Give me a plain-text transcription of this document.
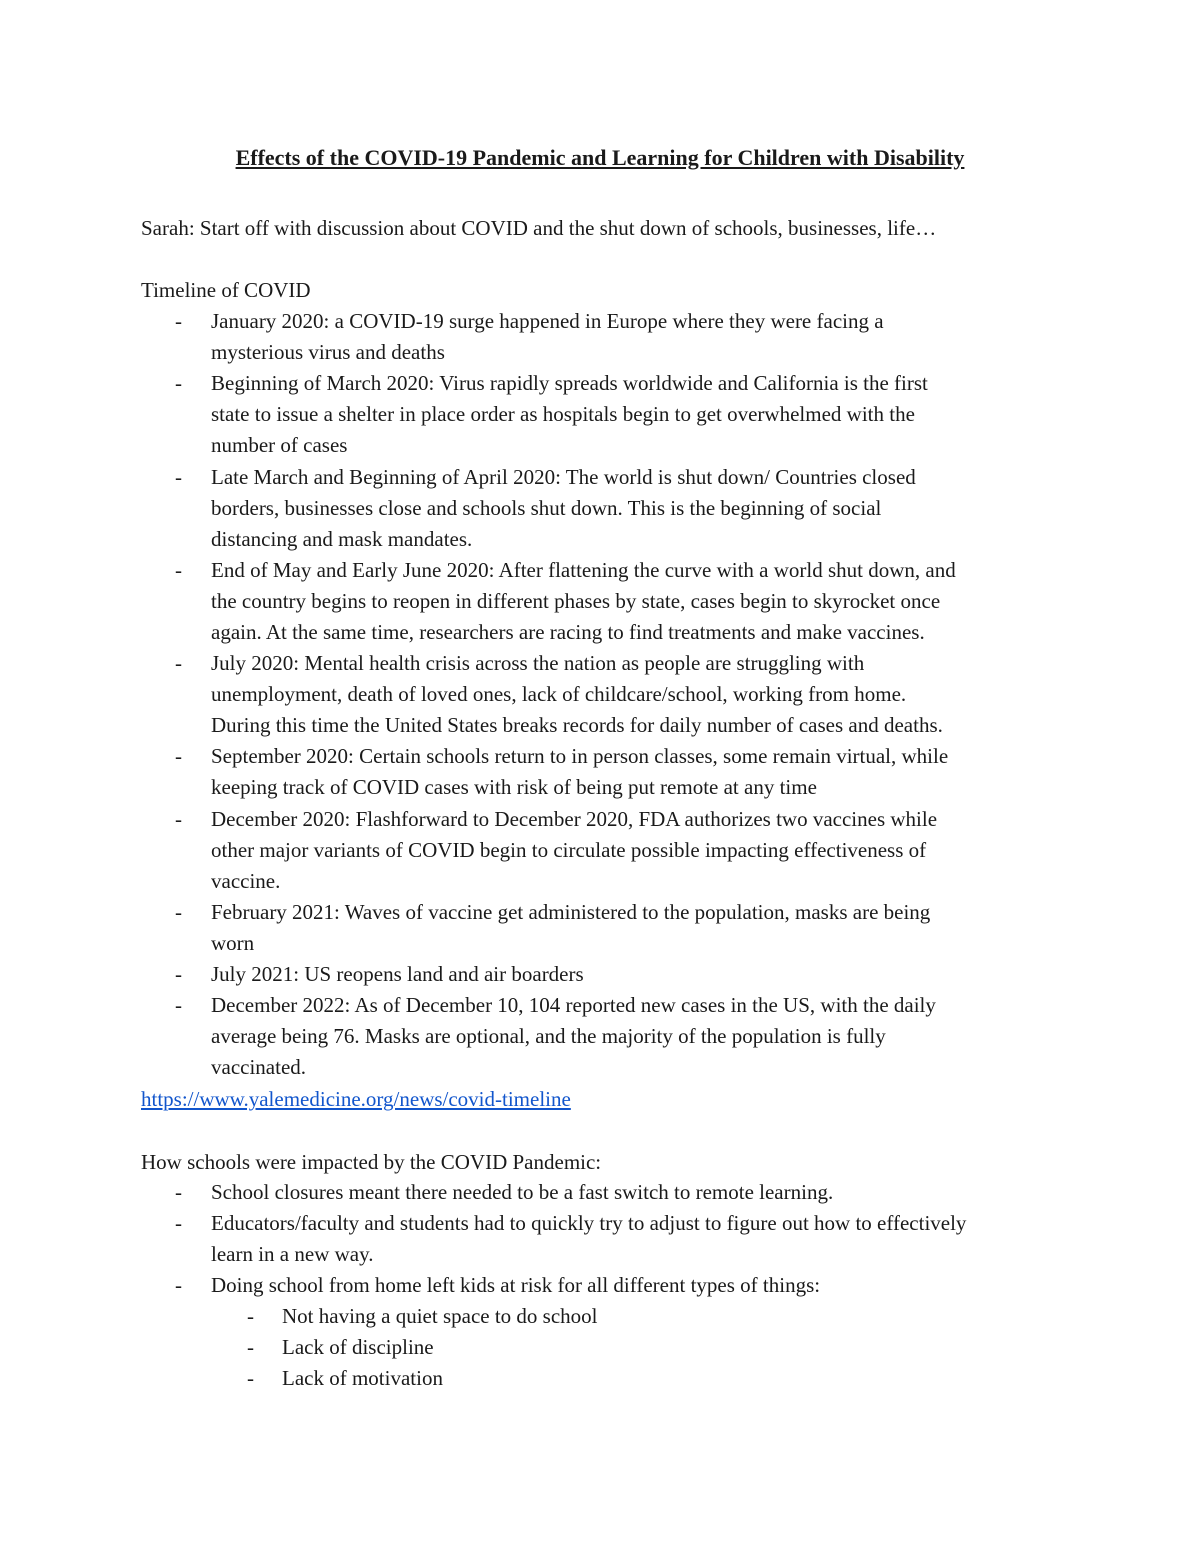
Effects of the COVID-19 Pandemic and Learning for Children with Disability

Sarah: Start off with discussion about COVID and the shut down of schools, businesses, life…

Timeline of COVID

- January 2020: a COVID-19 surge happened in Europe where they were facing a
mysterious virus and deaths
- Beginning of March 2020: Virus rapidly spreads worldwide and California is the first
state to issue a shelter in place order as hospitals begin to get overwhelmed with the
number of cases
- Late March and Beginning of April 2020: The world is shut down/ Countries closed
borders, businesses close and schools shut down. This is the beginning of social
distancing and mask mandates.
- End of May and Early June 2020: After flattening the curve with a world shut down, and
the country begins to reopen in different phases by state, cases begin to skyrocket once
again. At the same time, researchers are racing to find treatments and make vaccines.
- July 2020: Mental health crisis across the nation as people are struggling with
unemployment, death of loved ones, lack of childcare/school, working from home.
During this time the United States breaks records for daily number of cases and deaths.
- September 2020: Certain schools return to in person classes, some remain virtual, while
keeping track of COVID cases with risk of being put remote at any time
- December 2020: Flashforward to December 2020, FDA authorizes two vaccines while
other major variants of COVID begin to circulate possible impacting effectiveness of
vaccine.
- February 2021: Waves of vaccine get administered to the population, masks are being
worn
- July 2021: US reopens land and air boarders
- December 2022: As of December 10, 104 reported new cases in the US, with the daily
average being 76. Masks are optional, and the majority of the population is fully
vaccinated.

https://www.yalemedicine.org/news/covid-timeline

How schools were impacted by the COVID Pandemic:

- School closures meant there needed to be a fast switch to remote learning.
- Educators/faculty and students had to quickly try to adjust to figure out how to effectively
learn in a new way.
- Doing school from home left kids at risk for all different types of things:
- Not having a quiet space to do school
- Lack of discipline
- Lack of motivation
